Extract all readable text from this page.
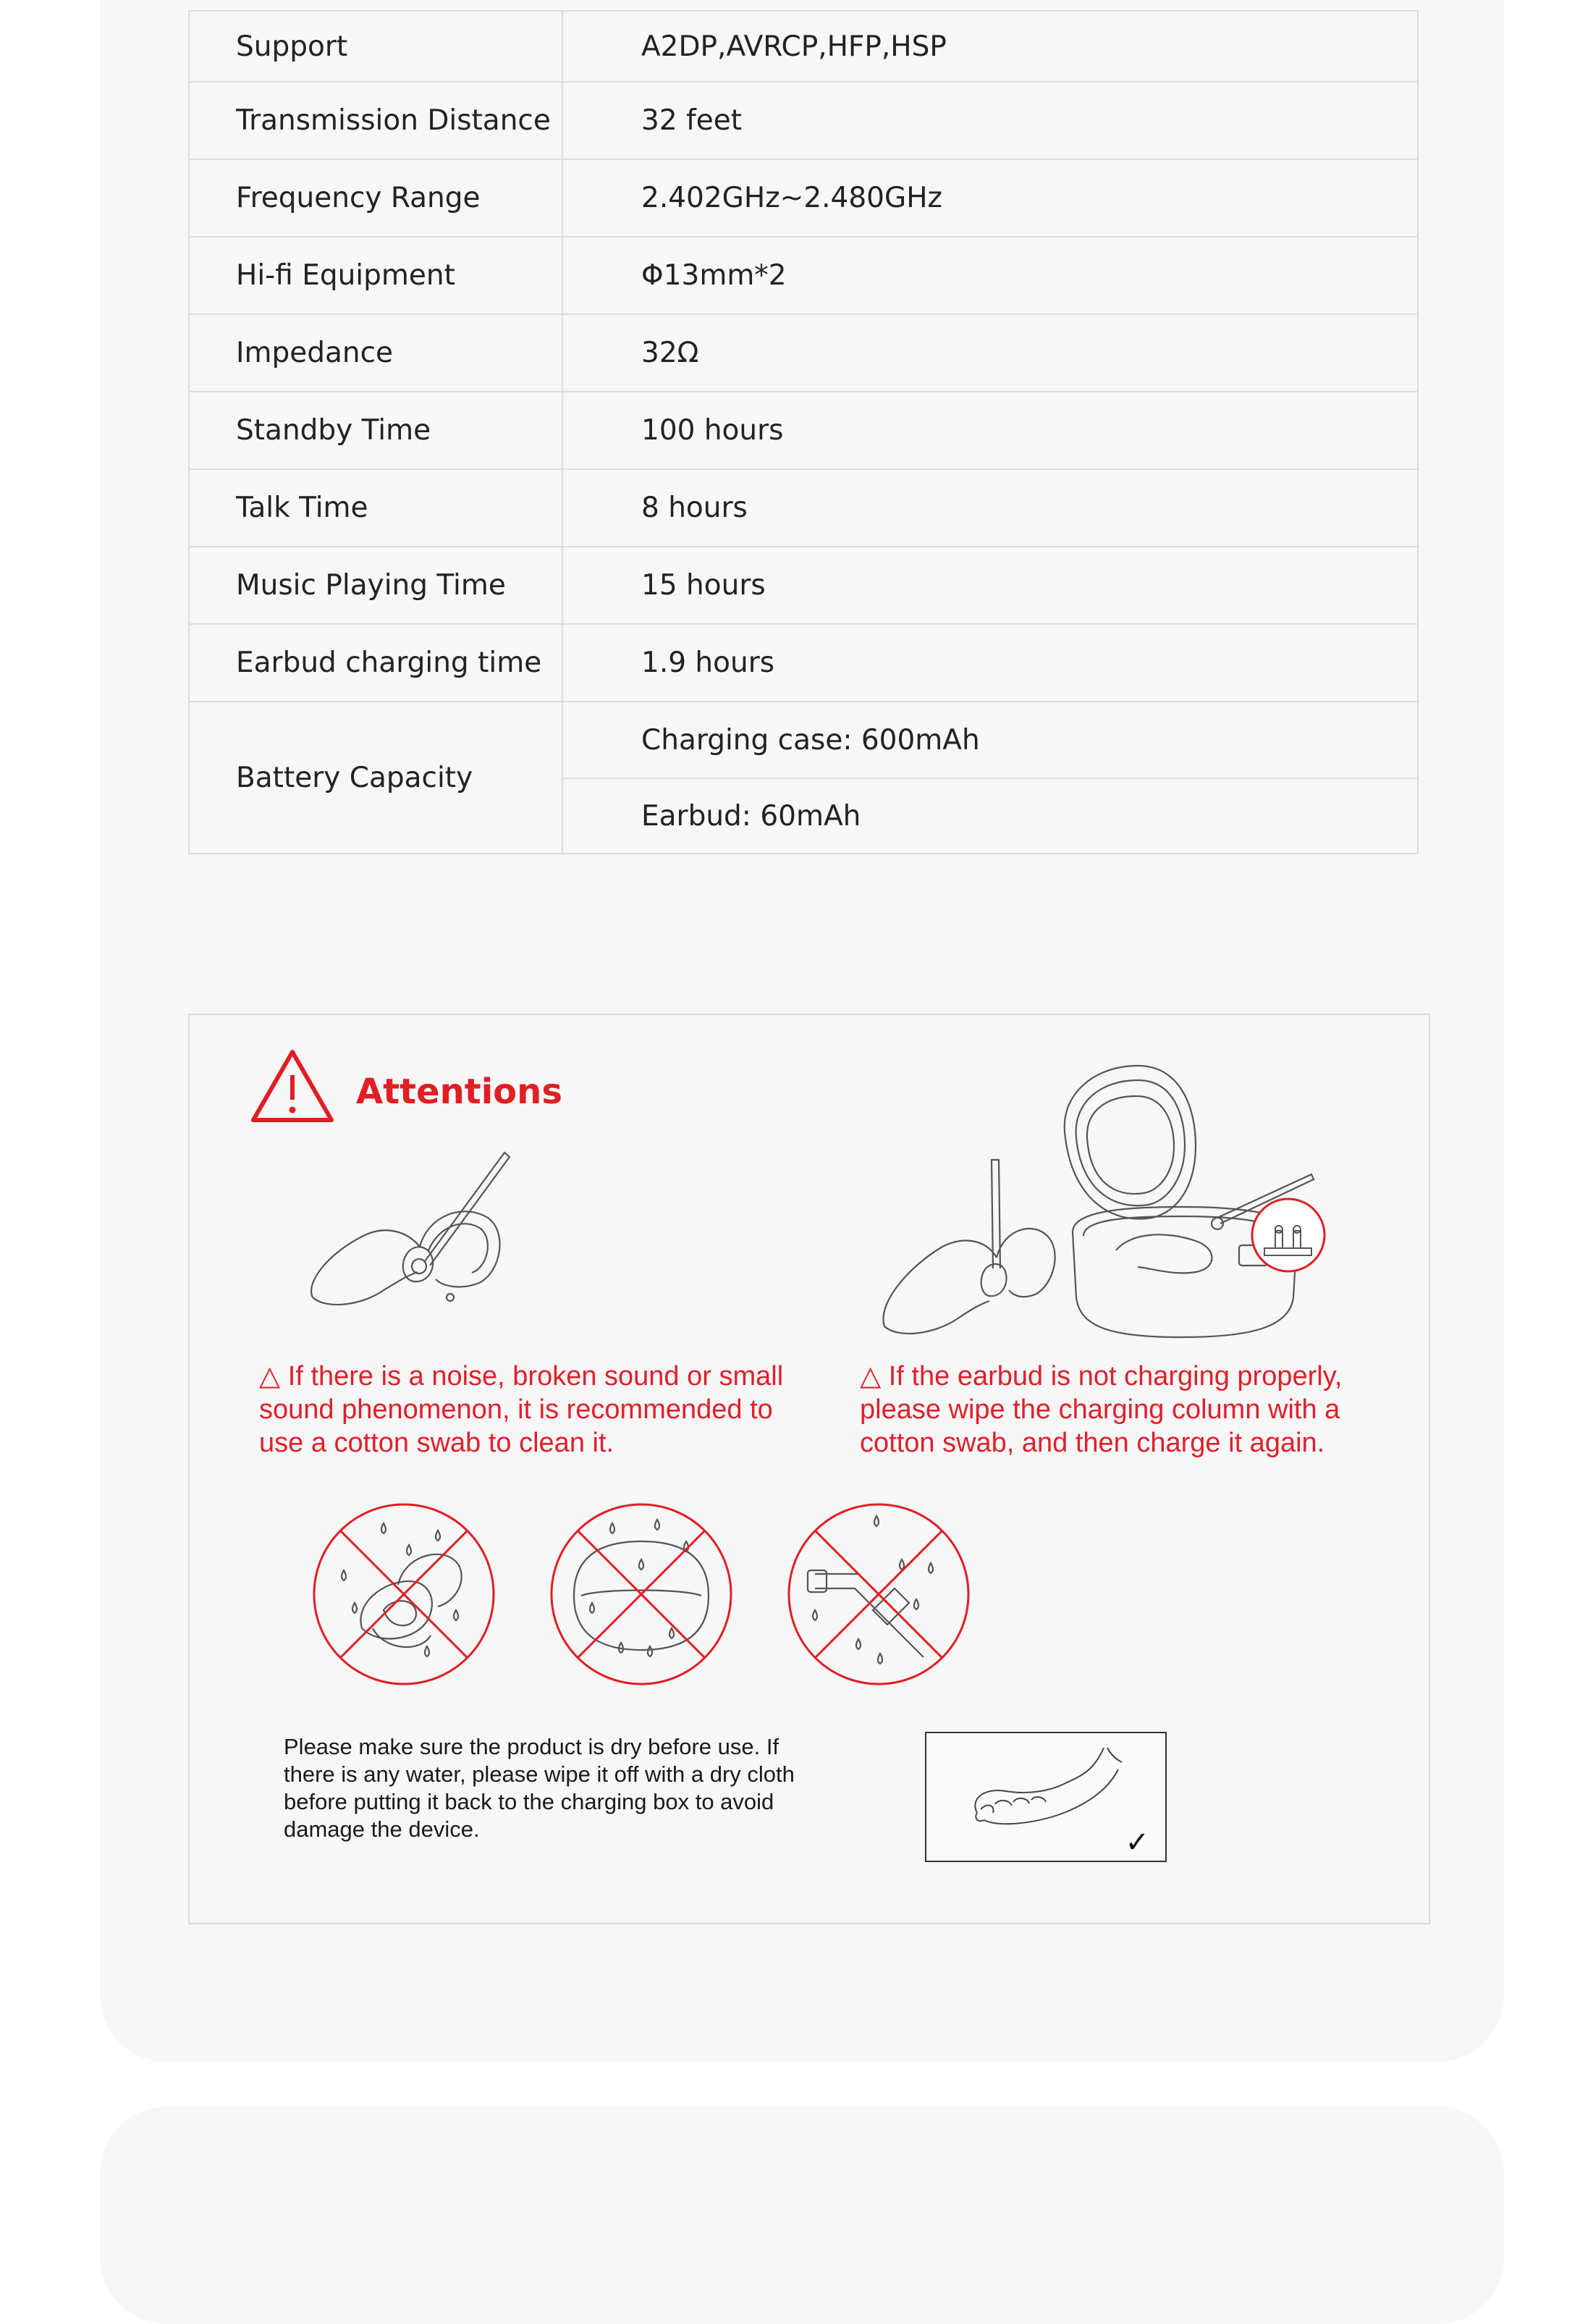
Support	A2DP,AVRCP,HFP,HSP
Transmission Distance	32 feet
Frequency Range	2.402GHz~2.480GHz
Hi-fi Equipment	Φ13mm*2
Impedance	32Ω
Standby Time	100 hours
Talk Time	8 hours
Music Playing Time	15 hours
Earbud charging time	1.9 hours
Battery Capacity	Charging case: 600mAh
	Earbud: 60mAh
Attentions
△ If there is a noise, broken sound or small sound phenomenon, it is recommended to use a cotton swab to clean it.
△ If the earbud is not charging properly, please wipe the charging column with a cotton swab, and then charge it again.
Please make sure the product is dry before use. If there is any water, please wipe it off with a dry cloth before putting it back to the charging box to avoid damage the device.	✓
